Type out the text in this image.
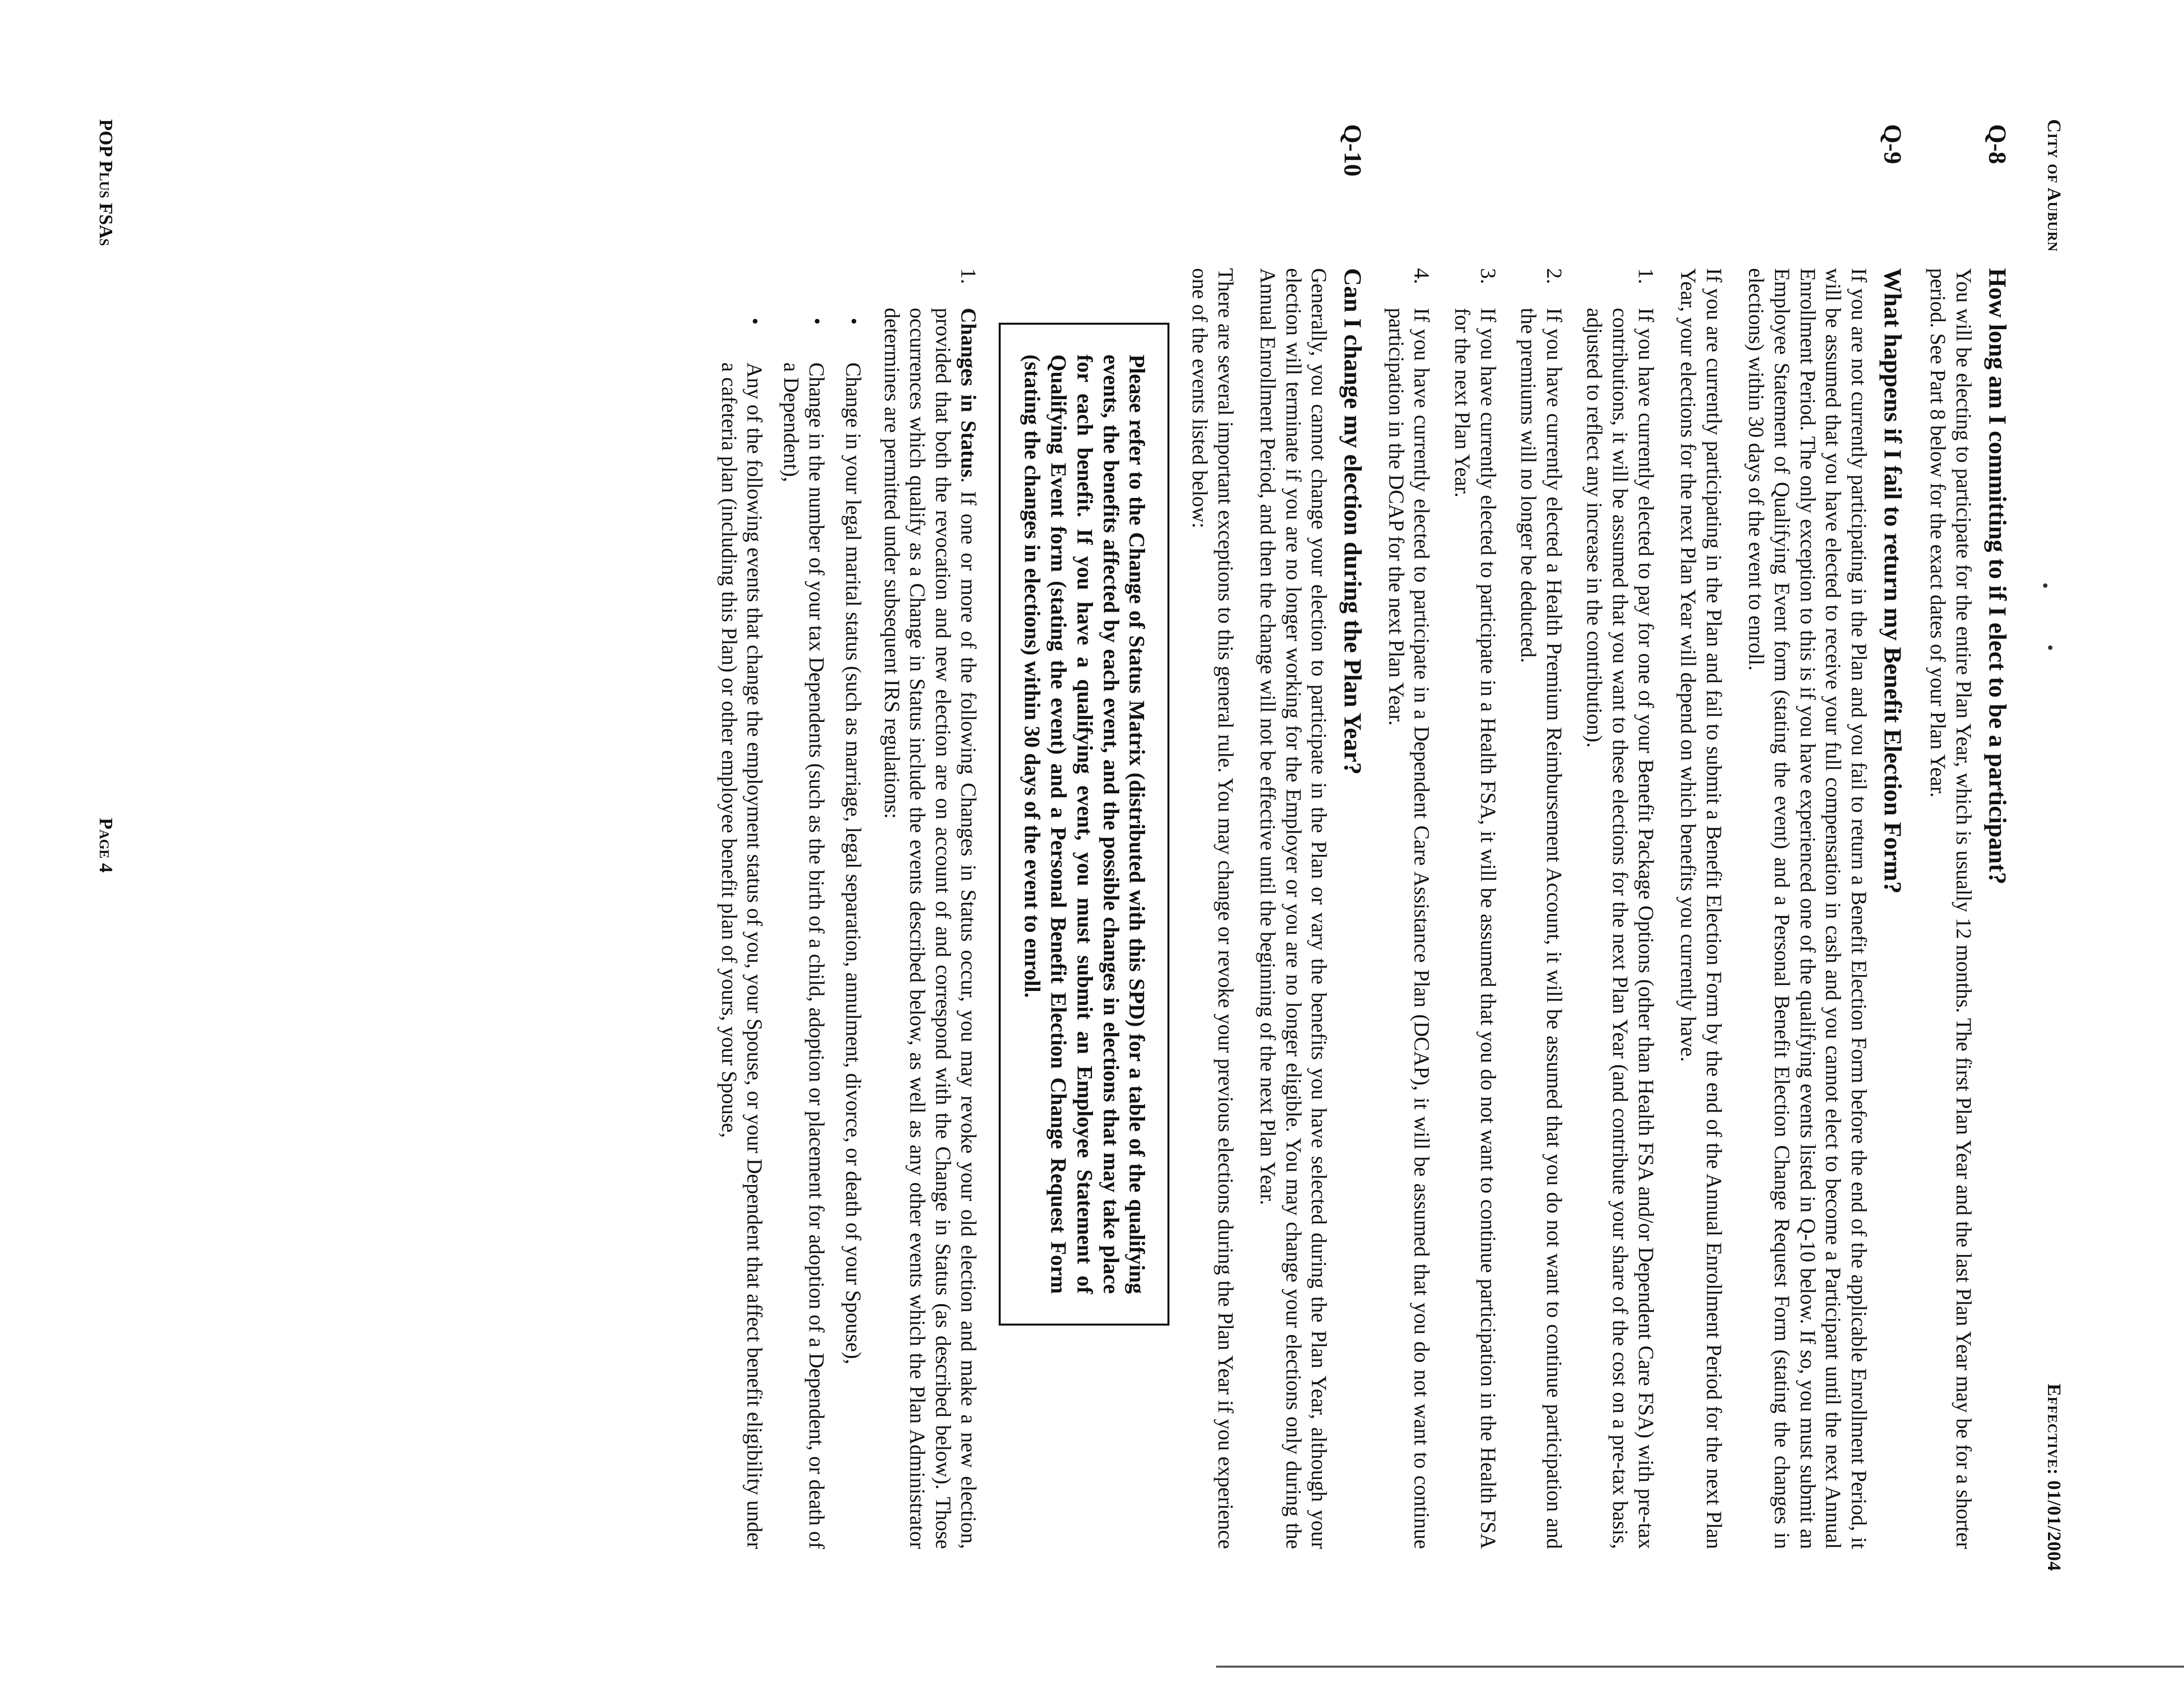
City of Auburn
Effective: 01/01/2004
Q-8
How long am I committing to if I elect to be a participant?

You will be electing to participate for the entire Plan Year, which is usually 12 months. The first Plan Year and the last Plan Year may be for a shorter period. See Part 8 below for the exact dates of your Plan Year.

Q-9
What happens if I fail to return my Benefit Election Form?

If you are not currently participating in the Plan and you fail to return a Benefit Election Form before the end of the applicable Enrollment Period, it will be assumed that you have elected to receive your full compensation in cash and you cannot elect to become a Participant until the next Annual Enrollment Period. The only exception to this is if you have experienced one of the qualifying events listed in Q-10 below. If so, you must submit an Employee Statement of Qualifying Event form (stating the event) and a Personal Benefit Election Change Request Form (stating the changes in elections) within 30 days of the event to enroll.

If you are currently participating in the Plan and fail to submit a Benefit Election Form by the end of the Annual Enrollment Period for the next Plan Year, your elections for the next Plan Year will depend on which benefits you currently have.

1.
If you have currently elected to pay for one of your Benefit Package Options (other than Health FSA and/or Dependent Care FSA) with pre-tax contributions, it will be assumed that you want to these elections for the next Plan Year (and contribute your share of the cost on a pre-tax basis, adjusted to reflect any increase in the contribution).
2.
If you have currently elected a Health Premium Reimbursement Account, it will be assumed that you do not want to continue participation and the premiums will no longer be deducted.
3.
If you have currently elected to participate in a Health FSA, it will be assumed that you do not want to continue participation in the Health FSA for the next Plan Year.
4.
If you have currently elected to participate in a Dependent Care Assistance Plan (DCAP), it will be assumed that you do not want to continue participation in the DCAP for the next Plan Year.
Q-10
Can I change my election during the Plan Year?

Generally, you cannot change your election to participate in the Plan or vary the benefits you have selected during the Plan Year, although your election will terminate if you are no longer working for the Employer or you are no longer eligible. You may change your elections only during the Annual Enrollment Period, and then the change will not be effective until the beginning of the next Plan Year.

There are several important exceptions to this general rule. You may change or revoke your previous elections during the Plan Year if you experience one of the events listed below:

Please refer to the Change of Status Matrix (distributed with this SPD) for a table of the qualifying events, the benefits affected by each event, and the possible changes in elections that may take place for each benefit. If you have a qualifying event, you must submit an Employee Statement of Qualifying Event form (stating the event) and a Personal Benefit Election Change Request Form (stating the changes in elections) within 30 days of the event to enroll.
1.
Changes in Status. If one or more of the following Changes in Status occur, you may revoke your old election and make a new election, provided that both the revocation and new election are on account of and correspond with the Change in Status (as described below). Those occurrences which qualify as a Change in Status include the events described below, as well as any other events which the Plan Administrator determines are permitted under subsequent IRS regulations:
•
Change in your legal marital status (such as marriage, legal separation, annulment, divorce, or death of your Spouse),
•
Change in the number of your tax Dependents (such as the birth of a child, adoption or placement for adoption of a Dependent, or death of a Dependent),
•
Any of the following events that change the employment status of you, your Spouse, or your Dependent that affect benefit eligibility under a cafeteria plan (including this Plan) or other employee benefit plan of yours, your Spouse,
POP Plus FSAs
Page 4
